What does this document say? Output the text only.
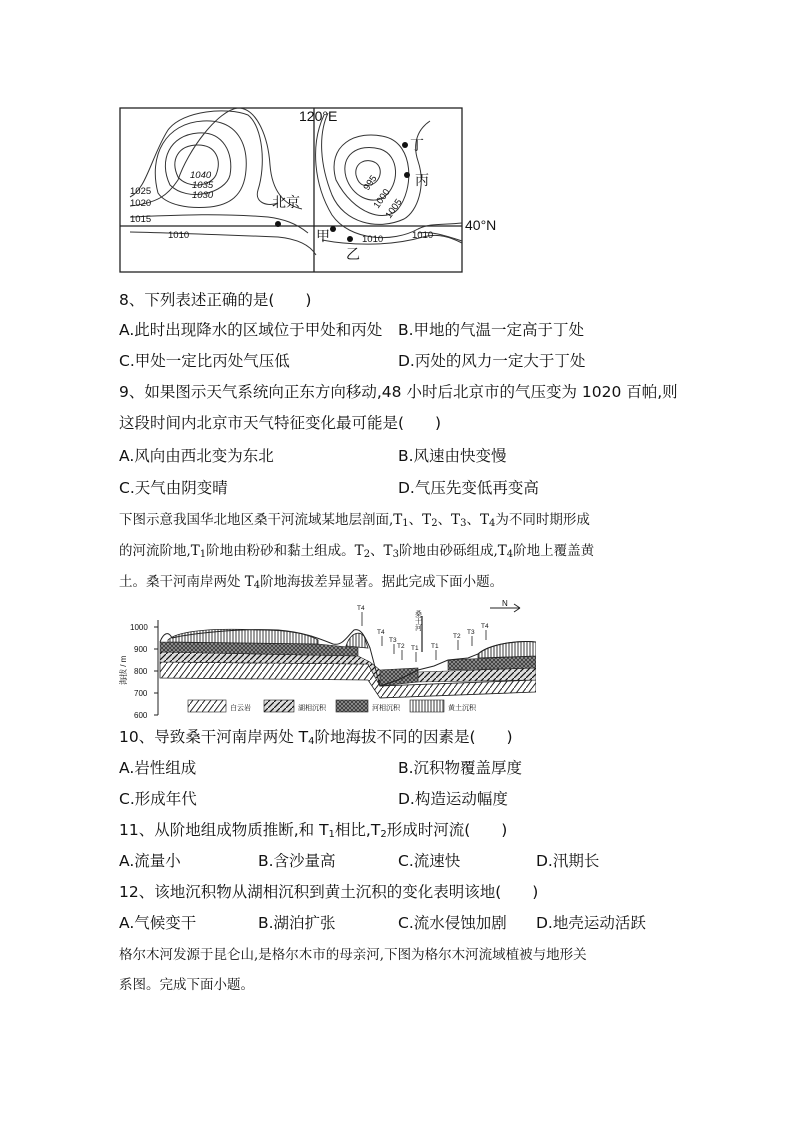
120°E
40°N
北京
甲
乙
丙
丁
1040
1035
1030
1025
1020
1015
1010
995
1000
1005
1010	1010
8、下列表述正确的是(　　)
A.此时出现降水的区域位于甲处和丙处 B.甲地的气温一定高于丁处
C.甲处一定比丙处气压低	D.丙处的风力一定大于丁处
9、如果图示天气系统向正东方向移动,48 小时后北京市的气压变为 1020 百帕,则
这段时间内北京市天气特征变化最可能是(　　)
A.风向由西北变为东北	B.风速由快变慢
C.天气由阴变晴	D.气压先变低再变高
下图示意我国华北地区桑干河流域某地层剖面$,T_1$、$T_2$、$T_3$、$T_4$为不同时期形成
的河流阶地$,T_1$阶地由粉砂和黏土组成。$T_2$、$T_3$阶地由砂砾组成$,T_4$阶地上覆盖黄
土。桑干河南岸两处 $T_4$阶地海拔差异显著。据此完成下面小题。
1000
900
800
700
600
海拔 / m
桑干河
N
T4
T4
T3
T2 T1 T1
T2
T3
T4
白云岩	湖相沉积	河相沉积	黄土沉积
10、导致桑干河南岸两处 $T_4$阶地海拔不同的因素是(　　)
A.岩性组成	B.沉积物覆盖厚度
C.形成年代	D.构造运动幅度
11、从阶地组成物质推断,和 $T_1$相比$,T_2$形成时河流(　　)
A.流量小	B.含沙量高	C.流速快	D.汛期长
12、该地沉积物从湖相沉积到黄土沉积的变化表明该地(　　)
A.气候变干	B.湖泊扩张	C.流水侵蚀加剧 D.地壳运动活跃
格尔木河发源于昆仑山,是格尔木市的母亲河,下图为格尔木河流域植被与地形关
系图。完成下面小题。
